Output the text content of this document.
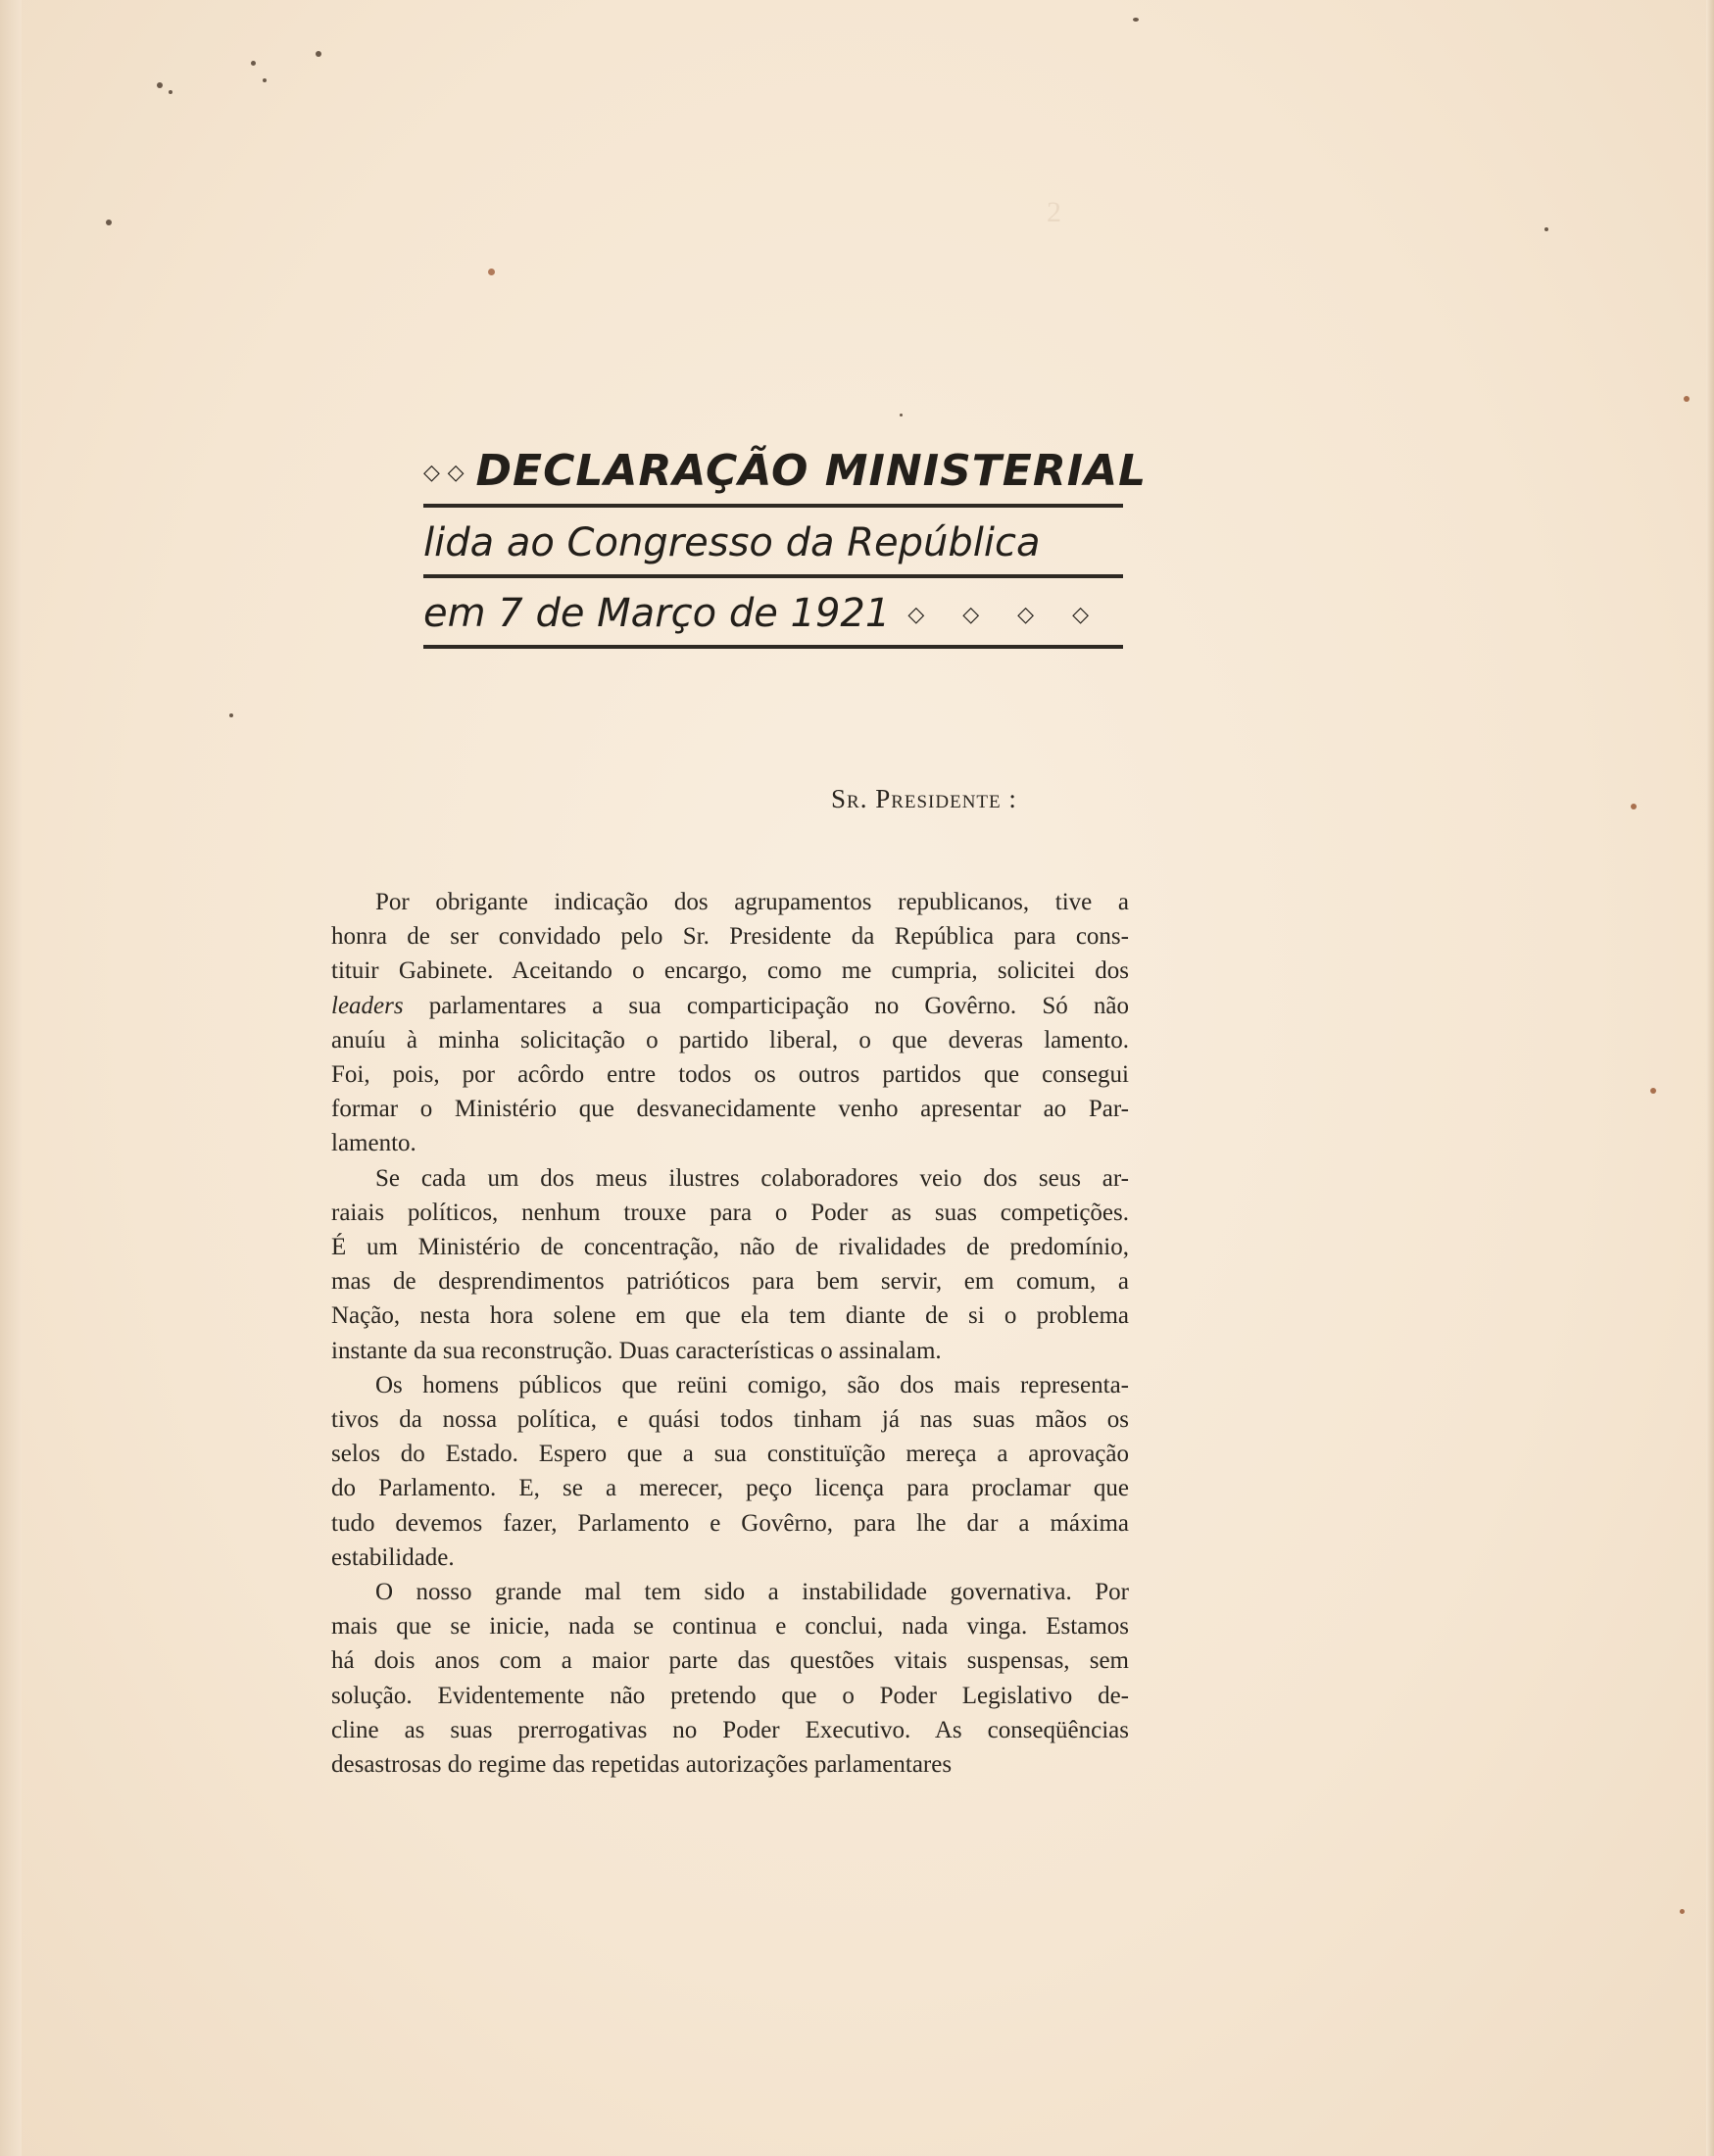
2
◇ ◇ DECLARAÇÃO MINISTERIAL
lida ao Congresso da República
em 7 de Março de 1921 ◇ ◇ ◇ ◇
Sr. Presidente :
Por obrigante indicação dos agrupamentos republicanos, tive a
honra de ser convidado pelo Sr. Presidente da República para cons-
tituir Gabinete. Aceitando o encargo, como me cumpria, solicitei dos
leaders parlamentares a sua comparticipação no Govêrno. Só não
anuíu à minha solicitação o partido liberal, o que deveras lamento.
Foi, pois, por acôrdo entre todos os outros partidos que consegui
formar o Ministério que desvanecidamente venho apresentar ao Par-
lamento.
Se cada um dos meus ilustres colaboradores veio dos seus ar-
raiais políticos, nenhum trouxe para o Poder as suas competições.
É um Ministério de concentração, não de rivalidades de predomínio,
mas de desprendimentos patrióticos para bem servir, em comum, a
Nação, nesta hora solene em que ela tem diante de si o problema
instante da sua reconstrução. Duas características o assinalam.
Os homens públicos que reüni comigo, são dos mais representa-
tivos da nossa política, e quási todos tinham já nas suas mãos os
selos do Estado. Espero que a sua constituïção mereça a aprovação
do Parlamento. E, se a merecer, peço licença para proclamar que
tudo devemos fazer, Parlamento e Govêrno, para lhe dar a máxima
estabilidade.
O nosso grande mal tem sido a instabilidade governativa. Por
mais que se inicie, nada se continua e conclui, nada vinga. Estamos
há dois anos com a maior parte das questões vitais suspensas, sem
solução. Evidentemente não pretendo que o Poder Legislativo de-
cline as suas prerrogativas no Poder Executivo. As conseqüências
desastrosas do regime das repetidas autorizações parlamentares
